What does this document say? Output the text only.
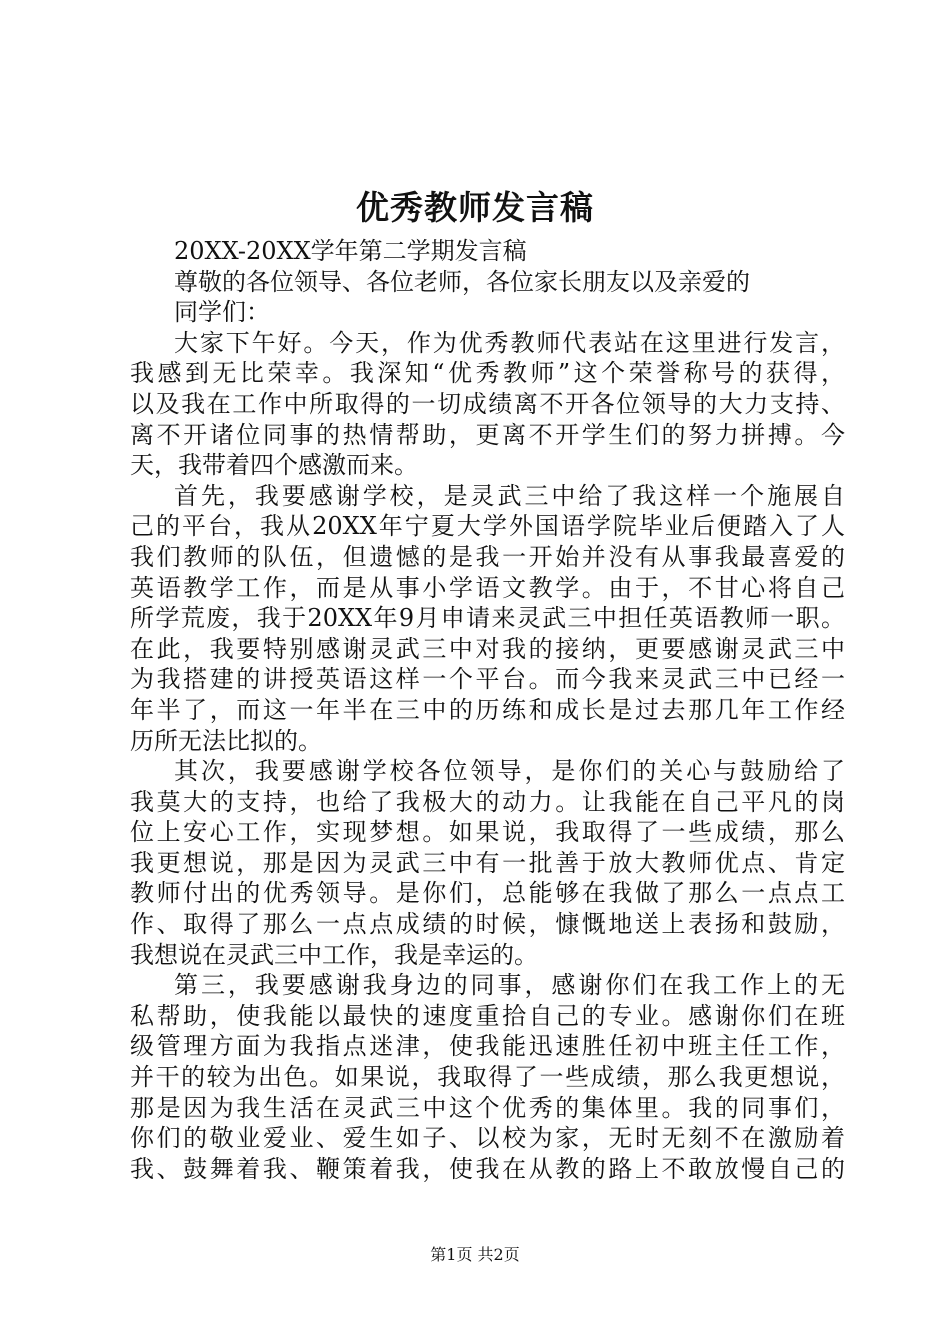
优秀教师发言稿
20XX-20XX学年第二学期发言稿
尊敬的各位领导、各位老师，各位家长朋友以及亲爱的
同学们：
大家下午好。今天，作为优秀教师代表站在这里进行发言，
我感到无比荣幸。我深知“优秀教师”这个荣誉称号的获得，
以及我在工作中所取得的一切成绩离不开各位领导的大力支持、
离不开诸位同事的热情帮助，更离不开学生们的努力拼搏。今
天，我带着四个感激而来。
首先，我要感谢学校，是灵武三中给了我这样一个施展自
己的平台，我从20XX年宁夏大学外国语学院毕业后便踏入了人
我们教师的队伍，但遗憾的是我一开始并没有从事我最喜爱的
英语教学工作，而是从事小学语文教学。由于，不甘心将自己
所学荒废，我于20XX年9月申请来灵武三中担任英语教师一职。
在此，我要特别感谢灵武三中对我的接纳，更要感谢灵武三中
为我搭建的讲授英语这样一个平台。而今我来灵武三中已经一
年半了，而这一年半在三中的历练和成长是过去那几年工作经
历所无法比拟的。
其次，我要感谢学校各位领导，是你们的关心与鼓励给了
我莫大的支持，也给了我极大的动力。让我能在自己平凡的岗
位上安心工作，实现梦想。如果说，我取得了一些成绩，那么
我更想说，那是因为灵武三中有一批善于放大教师优点、肯定
教师付出的优秀领导。是你们，总能够在我做了那么一点点工
作、取得了那么一点点成绩的时候，慷慨地送上表扬和鼓励，
我想说在灵武三中工作，我是幸运的。
第三，我要感谢我身边的同事，感谢你们在我工作上的无
私帮助，使我能以最快的速度重拾自己的专业。感谢你们在班
级管理方面为我指点迷津，使我能迅速胜任初中班主任工作，
并干的较为出色。如果说，我取得了一些成绩，那么我更想说，
那是因为我生活在灵武三中这个优秀的集体里。我的同事们，
你们的敬业爱业、爱生如子、以校为家，无时无刻不在激励着
我、鼓舞着我、鞭策着我，使我在从教的路上不敢放慢自己的
第1页 共2页
